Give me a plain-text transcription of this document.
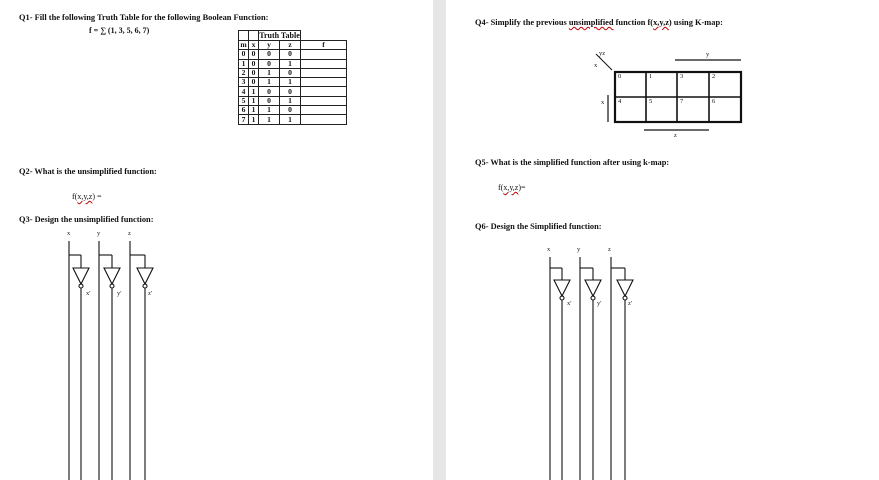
Q1- Fill the following Truth Table for the following Boolean Function:
f = ∑ (1, 3, 5, 6, 7)
			Truth Table		
m	x	y	z	f
0	0	0	0	
1	0	0	1	
2	0	1	0	
3	0	1	1	
4	1	0	0	
5	1	0	1	
6	1	1	0	
7	1	1	1	
Q2- What is the unsimplified function:
f(x,y,z) =
Q3- Design the unsimplified function:
x	y	z
x'	y'	z'
Q4- Simplify the previous unsimplified function f(x,y,z) using K-map:
yz
x
y
x
z
0	1	3	2
4	5	7	6
Q5- What is the simplified function after using k-map:
f(x,y,z)=
Q6- Design the Simplified function:
x	y	z
x'	y'	z'
